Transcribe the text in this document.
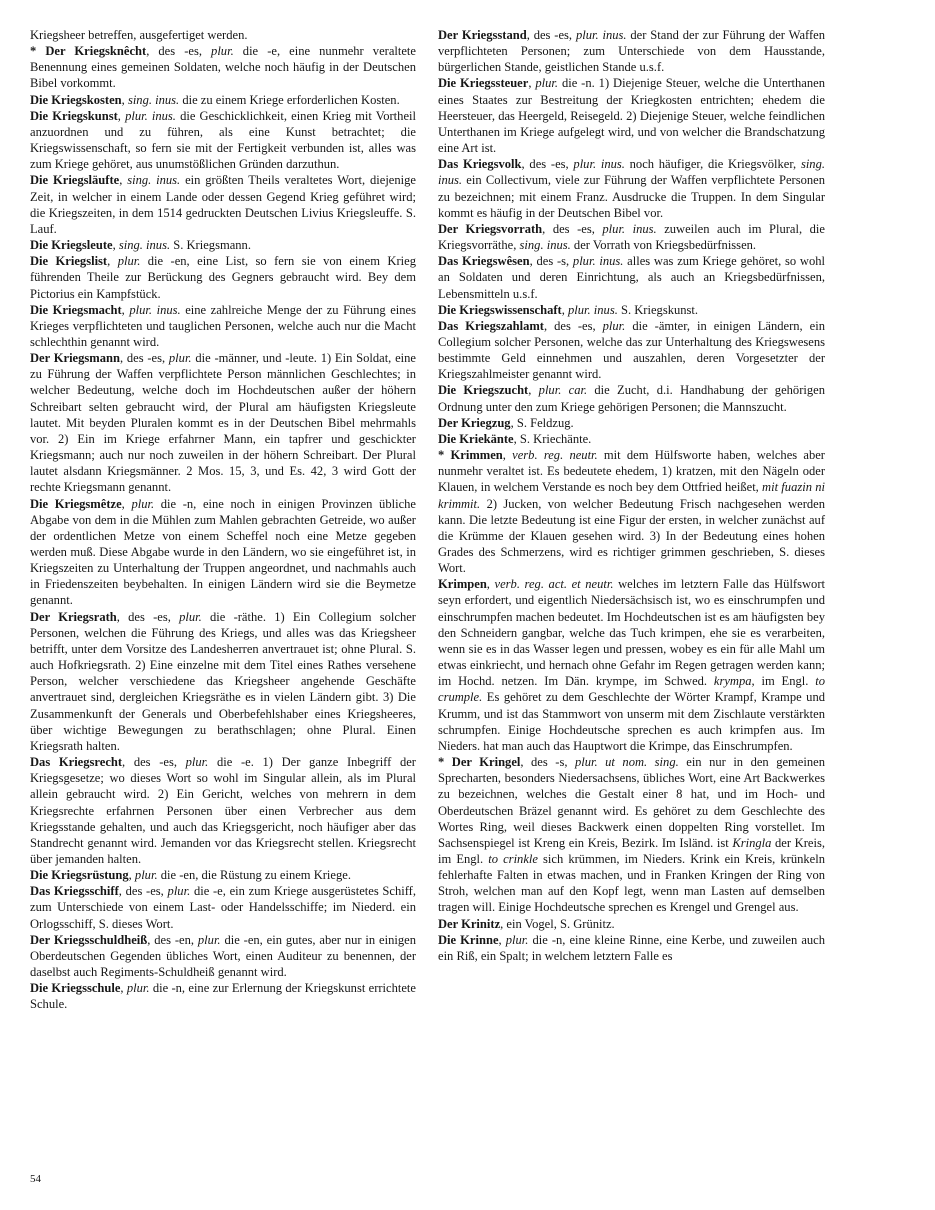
Kriegsheer betreffen, ausgefertiget werden.

* Der Kriegsknêcht, des -es, plur. die -e, eine nunmehr veraltete Benennung eines gemeinen Soldaten, welche noch häufig in der Deutschen Bibel vorkommt.

Die Kriegskosten, sing. inus. die zu einem Kriege erforderlichen Kosten.

Die Kriegskunst, plur. inus. die Geschicklichkeit, einen Krieg mit Vortheil anzuordnen und zu führen, als eine Kunst betrachtet; die Kriegswissenschaft, so fern sie mit der Fertigkeit verbunden ist, alles was zum Kriege gehöret, aus unumstößlichen Gründen darzuthun.

Die Kriegsläufte, sing. inus. ein größten Theils veraltetes Wort, diejenige Zeit, in welcher in einem Lande oder dessen Gegend Krieg geführet wird; die Kriegszeiten, in dem 1514 gedruckten Deutschen Livius Kriegsleuffe. S. Lauf.

Die Kriegsleute, sing. inus. S. Kriegsmann.

Die Kriegslist, plur. die -en, eine List, so fern sie von einem Krieg führenden Theile zur Berückung des Gegners gebraucht wird. Bey dem Pictorius ein Kampfstück.

Die Kriegsmacht, plur. inus. eine zahlreiche Menge der zu Führung eines Krieges verpflichteten und tauglichen Personen, welche auch nur die Macht schlechthin genannt wird.

Der Kriegsmann, des -es, plur. die -männer, und -leute. 1) Ein Soldat, eine zu Führung der Waffen verpflichtete Person männlichen Geschlechtes; in welcher Bedeutung, welche doch im Hochdeutschen außer der höhern Schreibart selten gebraucht wird, der Plural am häufigsten Kriegsleute lautet. Mit beyden Pluralen kommt es in der Deutschen Bibel mehrmahls vor. 2) Ein im Kriege erfahrner Mann, ein tapfrer und geschickter Kriegsmann; auch nur noch zuweilen in der höhern Schreibart. Der Plural lautet alsdann Kriegsmänner. 2 Mos. 15, 3, und Es. 42, 3 wird Gott der rechte Kriegsmann genannt.

Die Kriegsmêtze, plur. die -n, eine noch in einigen Provinzen übliche Abgabe von dem in die Mühlen zum Mahlen gebrachten Getreide, wo außer der ordentlichen Metze von einem Scheffel noch eine Metze gegeben werden muß. Diese Abgabe wurde in den Ländern, wo sie eingeführet ist, in Kriegszeiten zu Unterhaltung der Truppen angeordnet, und nachmahls auch in Friedenszeiten beybehalten. In einigen Ländern wird sie die Beymetze genannt.

Der Kriegsrath, des -es, plur. die -räthe. 1) Ein Collegium solcher Personen, welchen die Führung des Kriegs, und alles was das Kriegsheer betrifft, unter dem Vorsitze des Landesherren anvertrauet ist; ohne Plural. S. auch Hofkriegsrath. 2) Eine einzelne mit dem Titel eines Rathes versehene Person, welcher verschiedene das Kriegsheer angehende Geschäfte anvertrauet sind, dergleichen Kriegsräthe es in vielen Ländern gibt. 3) Die Zusammenkunft der Generals und Oberbefehlshaber eines Kriegsheeres, über wichtige Bewegungen zu berathschlagen; ohne Plural. Einen Kriegsrath halten.

Das Kriegsrecht, des -es, plur. die -e. 1) Der ganze Inbegriff der Kriegsgesetze; wo dieses Wort so wohl im Singular allein, als im Plural allein gebraucht wird. 2) Ein Gericht, welches von mehrern in dem Kriegsrechte erfahrnen Personen über einen Verbrecher aus dem Kriegsstande gehalten, und auch das Kriegsgericht, noch häufiger aber das Standrecht genannt wird. Jemanden vor das Kriegsrecht stellen. Kriegsrecht über jemanden halten.

Die Kriegsrüstung, plur. die -en, die Rüstung zu einem Kriege.

Das Kriegsschiff, des -es, plur. die -e, ein zum Kriege ausgerüstetes Schiff, zum Unterschiede von einem Last- oder Handelsschiffe; im Niederd. ein Orlogsschiff, S. dieses Wort.

Der Kriegsschuldheiß, des -en, plur. die -en, ein gutes, aber nur in einigen Oberdeutschen Gegenden übliches Wort, einen Auditeur zu benennen, der daselbst auch Regiments-Schuldheiß genannt wird.

Die Kriegsschule, plur. die -n, eine zur Erlernung der Kriegskunst errichtete Schule.

Der Kriegsstand, des -es, plur. inus. der Stand der zur Führung der Waffen verpflichteten Personen; zum Unterschiede von dem Hausstande, bürgerlichen Stande, geistlichen Stande u.s.f.

Die Kriegssteuer, plur. die -n. 1) Diejenige Steuer, welche die Unterthanen eines Staates zur Bestreitung der Kriegkosten entrichten; ehedem die Heersteuer, das Heergeld, Reisegeld. 2) Diejenige Steuer, welche feindlichen Unterthanen im Kriege aufgelegt wird, und von welcher die Brandschatzung eine Art ist.

Das Kriegsvolk, des -es, plur. inus. noch häufiger, die Kriegsvölker, sing. inus. ein Collectivum, viele zur Führung der Waffen verpflichtete Personen zu bezeichnen; mit einem Franz. Ausdrucke die Truppen. In dem Singular kommt es häufig in der Deutschen Bibel vor.

Der Kriegsvorrath, des -es, plur. inus. zuweilen auch im Plural, die Kriegsvorräthe, sing. inus. der Vorrath von Kriegsbedürfnissen.

Das Kriegswêsen, des -s, plur. inus. alles was zum Kriege gehöret, so wohl an Soldaten und deren Einrichtung, als auch an Kriegsbedürfnissen, Lebensmitteln u.s.f.

Die Kriegswissenschaft, plur. inus. S. Kriegskunst.

Das Kriegszahlamt, des -es, plur. die -ämter, in einigen Ländern, ein Collegium solcher Personen, welche das zur Unterhaltung des Kriegswesens bestimmte Geld einnehmen und auszahlen, deren Vorgesetzter der Kriegszahlmeister genannt wird.

Die Kriegszucht, plur. car. die Zucht, d.i. Handhabung der gehörigen Ordnung unter den zum Kriege gehörigen Personen; die Mannszucht.

Der Kriegzug, S. Feldzug.

Die Kriekänte, S. Kriechänte.

* Krimmen, verb. reg. neutr. mit dem Hülfsworte haben, welches aber nunmehr veraltet ist. Es bedeutete ehedem, 1) kratzen, mit den Nägeln oder Klauen, in welchem Verstande es noch bey dem Ottfried heißet, mit fuazin ni krimmit. 2) Jucken, von welcher Bedeutung Frisch nachgesehen werden kann. Die letzte Bedeutung ist eine Figur der ersten, in welcher zunächst auf die Krümme der Klauen gesehen wird. 3) In der Bedeutung eines hohen Grades des Schmerzens, wird es richtiger grimmen geschrieben, S. dieses Wort.

Krimpen, verb. reg. act. et neutr. welches im letztern Falle das Hülfswort seyn erfordert, und eigentlich Niedersächsisch ist, wo es einschrumpfen und einschrumpfen machen bedeutet. Im Hochdeutschen ist es am häufigsten bey den Schneidern gangbar, welche das Tuch krimpen, ehe sie es verarbeiten, wenn sie es in das Wasser legen und pressen, wobey es ein für alle Mahl um etwas einkriecht, und hernach ohne Gefahr im Regen getragen werden kann; im Hochd. netzen. Im Dän. krympe, im Schwed. krympa, im Engl. to crumple. Es gehöret zu dem Geschlechte der Wörter Krampf, Krampe und Krumm, und ist das Stammwort von unserm mit dem Zischlaute verstärkten schrumpfen. Einige Hochdeutsche sprechen es auch krimpfen aus. Im Nieders. hat man auch das Hauptwort die Krimpe, das Einschrumpfen.

* Der Kringel, des -s, plur. ut nom. sing. ein nur in den gemeinen Sprecharten, besonders Niedersachsens, übliches Wort, eine Art Backwerkes zu bezeichnen, welches die Gestalt einer 8 hat, und im Hoch- und Oberdeutschen Bräzel genannt wird. Es gehöret zu dem Geschlechte des Wortes Ring, weil dieses Backwerk einen doppelten Ring vorstellet. Im Sachsenspiegel ist Kreng ein Kreis, Bezirk. Im Isländ. ist Kringla der Kreis, im Engl. to crinkle sich krümmen, im Nieders. Krink ein Kreis, krünkeln fehlerhafte Falten in etwas machen, und in Franken Kringen der Ring von Stroh, welchen man auf den Kopf legt, wenn man Lasten auf demselben tragen will. Einige Hochdeutsche sprechen es Krengel und Grengel aus.

Der Krinitz, ein Vogel, S. Grünitz.

Die Krinne, plur. die -n, eine kleine Rinne, eine Kerbe, und zuweilen auch ein Riß, ein Spalt; in welchem letztern Falle es

54
